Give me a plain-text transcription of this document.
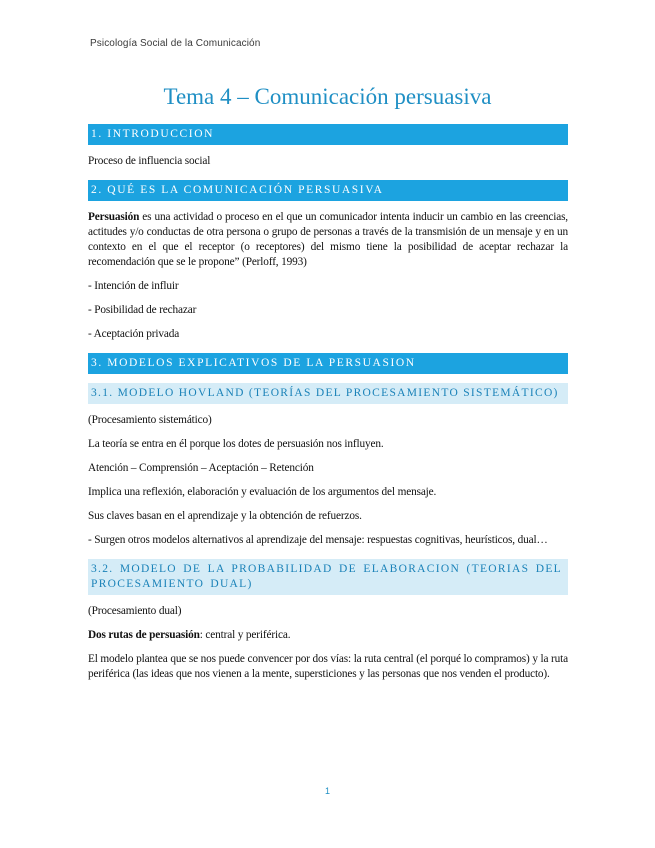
Psicología Social de la Comunicación
Tema 4 – Comunicación persuasiva
1. INTRODUCCION

Proceso de influencia social

2. QUÉ ES LA COMUNICACIÓN PERSUASIVA

Persuasión es una actividad o proceso en el que un comunicador intenta inducir un cambio en las creencias, actitudes y/o conductas de otra persona o grupo de personas a través de la transmisión de un mensaje y en un contexto en el que el receptor (o receptores) del mismo tiene la posibilidad de aceptar rechazar la recomendación que se le propone” (Perloff, 1993)

- Intención de influir

- Posibilidad de rechazar

- Aceptación privada

3. MODELOS EXPLICATIVOS DE LA PERSUASION
3.1. MODELO HOVLAND (TEORÍAS DEL PROCESAMIENTO SISTEMÁTICO)

(Procesamiento sistemático)

La teoría se entra en él porque los dotes de persuasión nos influyen.

Atención – Comprensión – Aceptación – Retención

Implica una reflexión, elaboración y evaluación de los argumentos del mensaje.

Sus claves basan en el aprendizaje y la obtención de refuerzos.

- Surgen otros modelos alternativos al aprendizaje del mensaje: respuestas cognitivas, heurísticos, dual…

3.2. MODELO DE LA PROBABILIDAD DE ELABORACION (TEORIAS DEL PROCESAMIENTO DUAL)

(Procesamiento dual)

Dos rutas de persuasión: central y periférica.

El modelo plantea que se nos puede convencer por dos vías: la ruta central (el porqué lo compramos) y la ruta periférica (las ideas que nos vienen a la mente, supersticiones y las personas que nos venden el producto).

1
